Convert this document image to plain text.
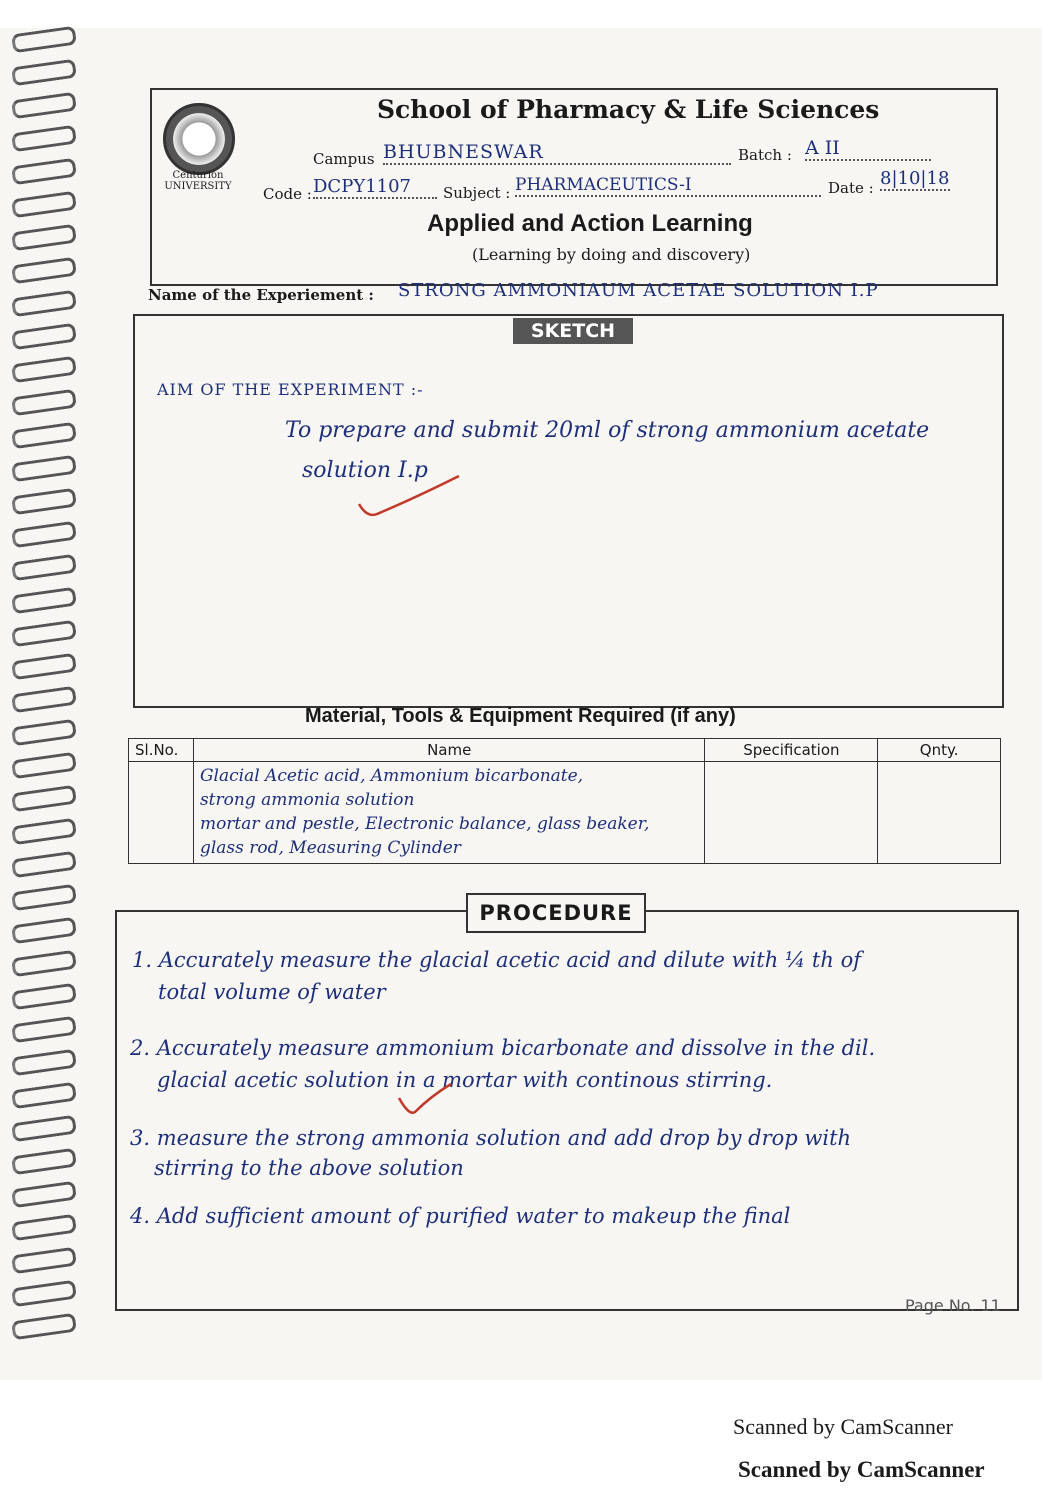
Centurion UNIVERSITY
School of Pharmacy & Life Sciences
Campus BHUBNESWAR	Batch : A II
Code : DCPY1107	Subject : PHARMACEUTICS-I	Date : 8|10|18
Applied and Action Learning
(Learning by doing and discovery)
Name of the Experiement : STRONG AMMONIAUM ACETAE SOLUTION I.P
SKETCH
AIM OF THE EXPERIMENT :-
To prepare and submit 20ml of strong ammonium acetate
solution I.p
Material, Tools & Equipment Required (if any)
Sl.No.	Name	Specification	Qnty.

	Glacial Acetic acid, Ammonium bicarbonate,
strong ammonia solution
mortar and pestle, Electronic balance, glass beaker,
glass rod, Measuring Cylinder		

PROCEDURE
1. Accurately measure the glacial acetic acid and dilute with ¼ th of
total volume of water
2. Accurately measure ammonium bicarbonate and dissolve in the dil.
glacial acetic solution in a mortar with continous stirring.
3. measure the strong ammonia solution and add drop by drop with
stirring to the above solution
4. Add sufficient amount of purified water to makeup the final
Page No. 11
Scanned by CamScanner
Scanned by CamScanner
